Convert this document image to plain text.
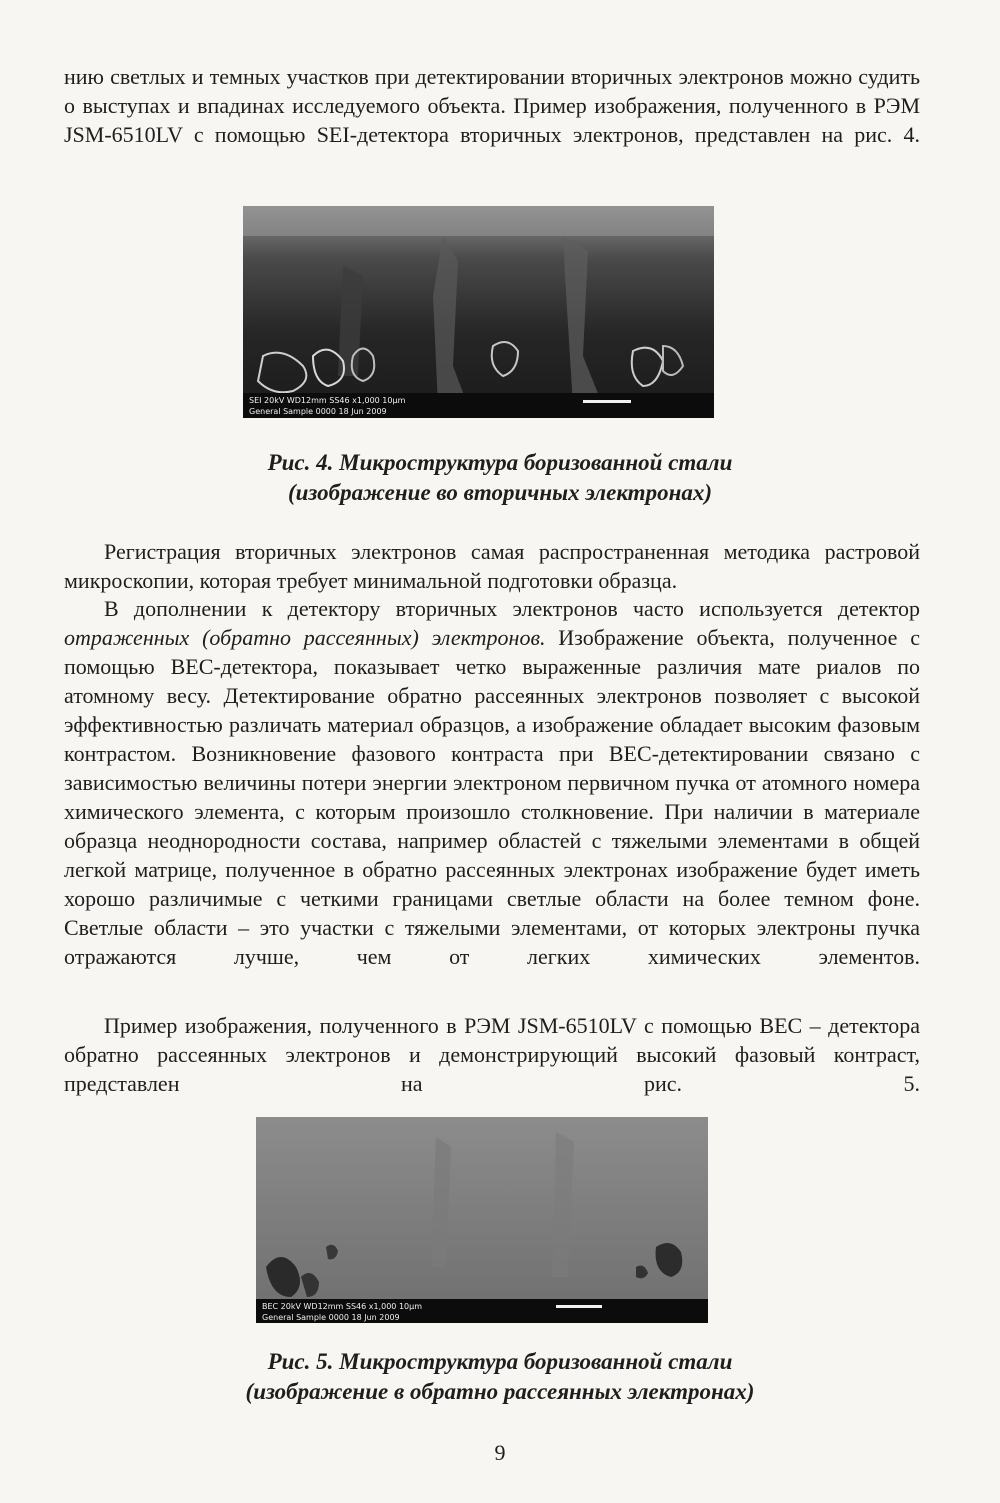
нию светлых и темных участков при детектировании вторичных электронов можно судить о выступах и впадинах исследуемого объекта. Пример изображения, полученного в РЭМ JSM-6510LV с помощью SEI-детектора вторичных электронов, представлен на рис. 4.

SEI 20kV WD12mm SS46 x1,000 10μm
General Sample 0000 18 Jun 2009
Рис. 4. Микроструктура боризованной стали
(изображение во вторичных электронах)

Регистрация вторичных электронов самая распространенная методика растровой микроскопии, которая требует минимальной подготовки образца.

В дополнении к детектору вторичных электронов часто используется детектор отраженных (обратно рассеянных) электронов. Изображение объекта, полученное с помощью ВЕС-детектора, показывает четко выраженные различия мате риалов по атомному весу. Детектирование обратно рассеянных электронов позволяет с высокой эффективностью различать материал образцов, а изображение обладает высоким фазовым контрастом. Возникновение фазового контраста при ВЕС-детектировании связано с зависимостью величины потери энергии электроном первичном пучка от атомного номера химического элемента, с которым произошло столкновение. При наличии в материале образца неоднородности состава, например областей с тяжелыми элементами в общей легкой матрице, полученное в обратно рассеянных электронах изображение будет иметь хорошо различимые с четкими границами светлые области на более темном фоне. Светлые области – это участки с тяжелыми элементами, от которых электроны пучка отражаются лучше, чем от легких химических элементов.

Пример изображения, полученного в РЭМ JSM-6510LV с помощью ВЕС – детектора обратно рассеянных электронов и демонстрирующий высокий фазовый контраст, представлен на рис. 5.

BEC 20kV WD12mm SS46 x1,000 10μm
General Sample 0000 18 Jun 2009
Рис. 5. Микроструктура боризованной стали
(изображение в обратно рассеянных электронах)
9
